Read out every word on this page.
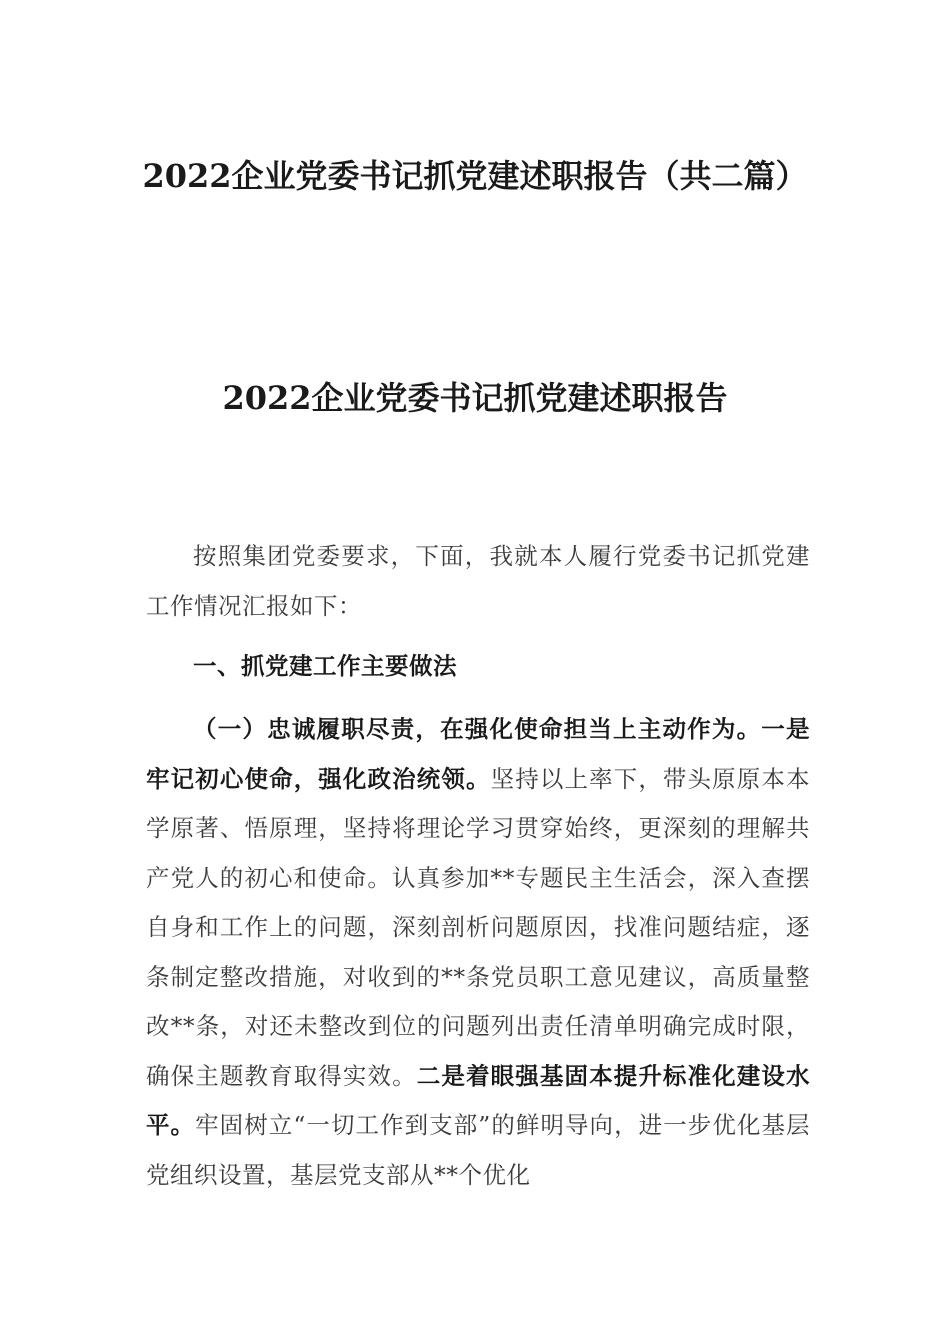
2022企业党委书记抓党建述职报告（共二篇）
2022企业党委书记抓党建述职报告

按照集团党委要求，下面，我就本人履行党委书记抓党建工作情况汇报如下：

一、抓党建工作主要做法

（一）忠诚履职尽责，在强化使命担当上主动作为。一是牢记初心使命，强化政治统领。坚持以上率下，带头原原本本学原著、悟原理，坚持将理论学习贯穿始终，更深刻的理解共产党人的初心和使命。认真参加**专题民主生活会，深入查摆自身和工作上的问题，深刻剖析问题原因，找准问题结症，逐条制定整改措施，对收到的**条党员职工意见建议，高质量整改**条，对还未整改到位的问题列出责任清单明确完成时限，确保主题教育取得实效。二是着眼强基固本提升标准化建设水平。牢固树立“一切工作到支部”的鲜明导向，进一步优化基层党组织设置，基层党支部从**个优化
